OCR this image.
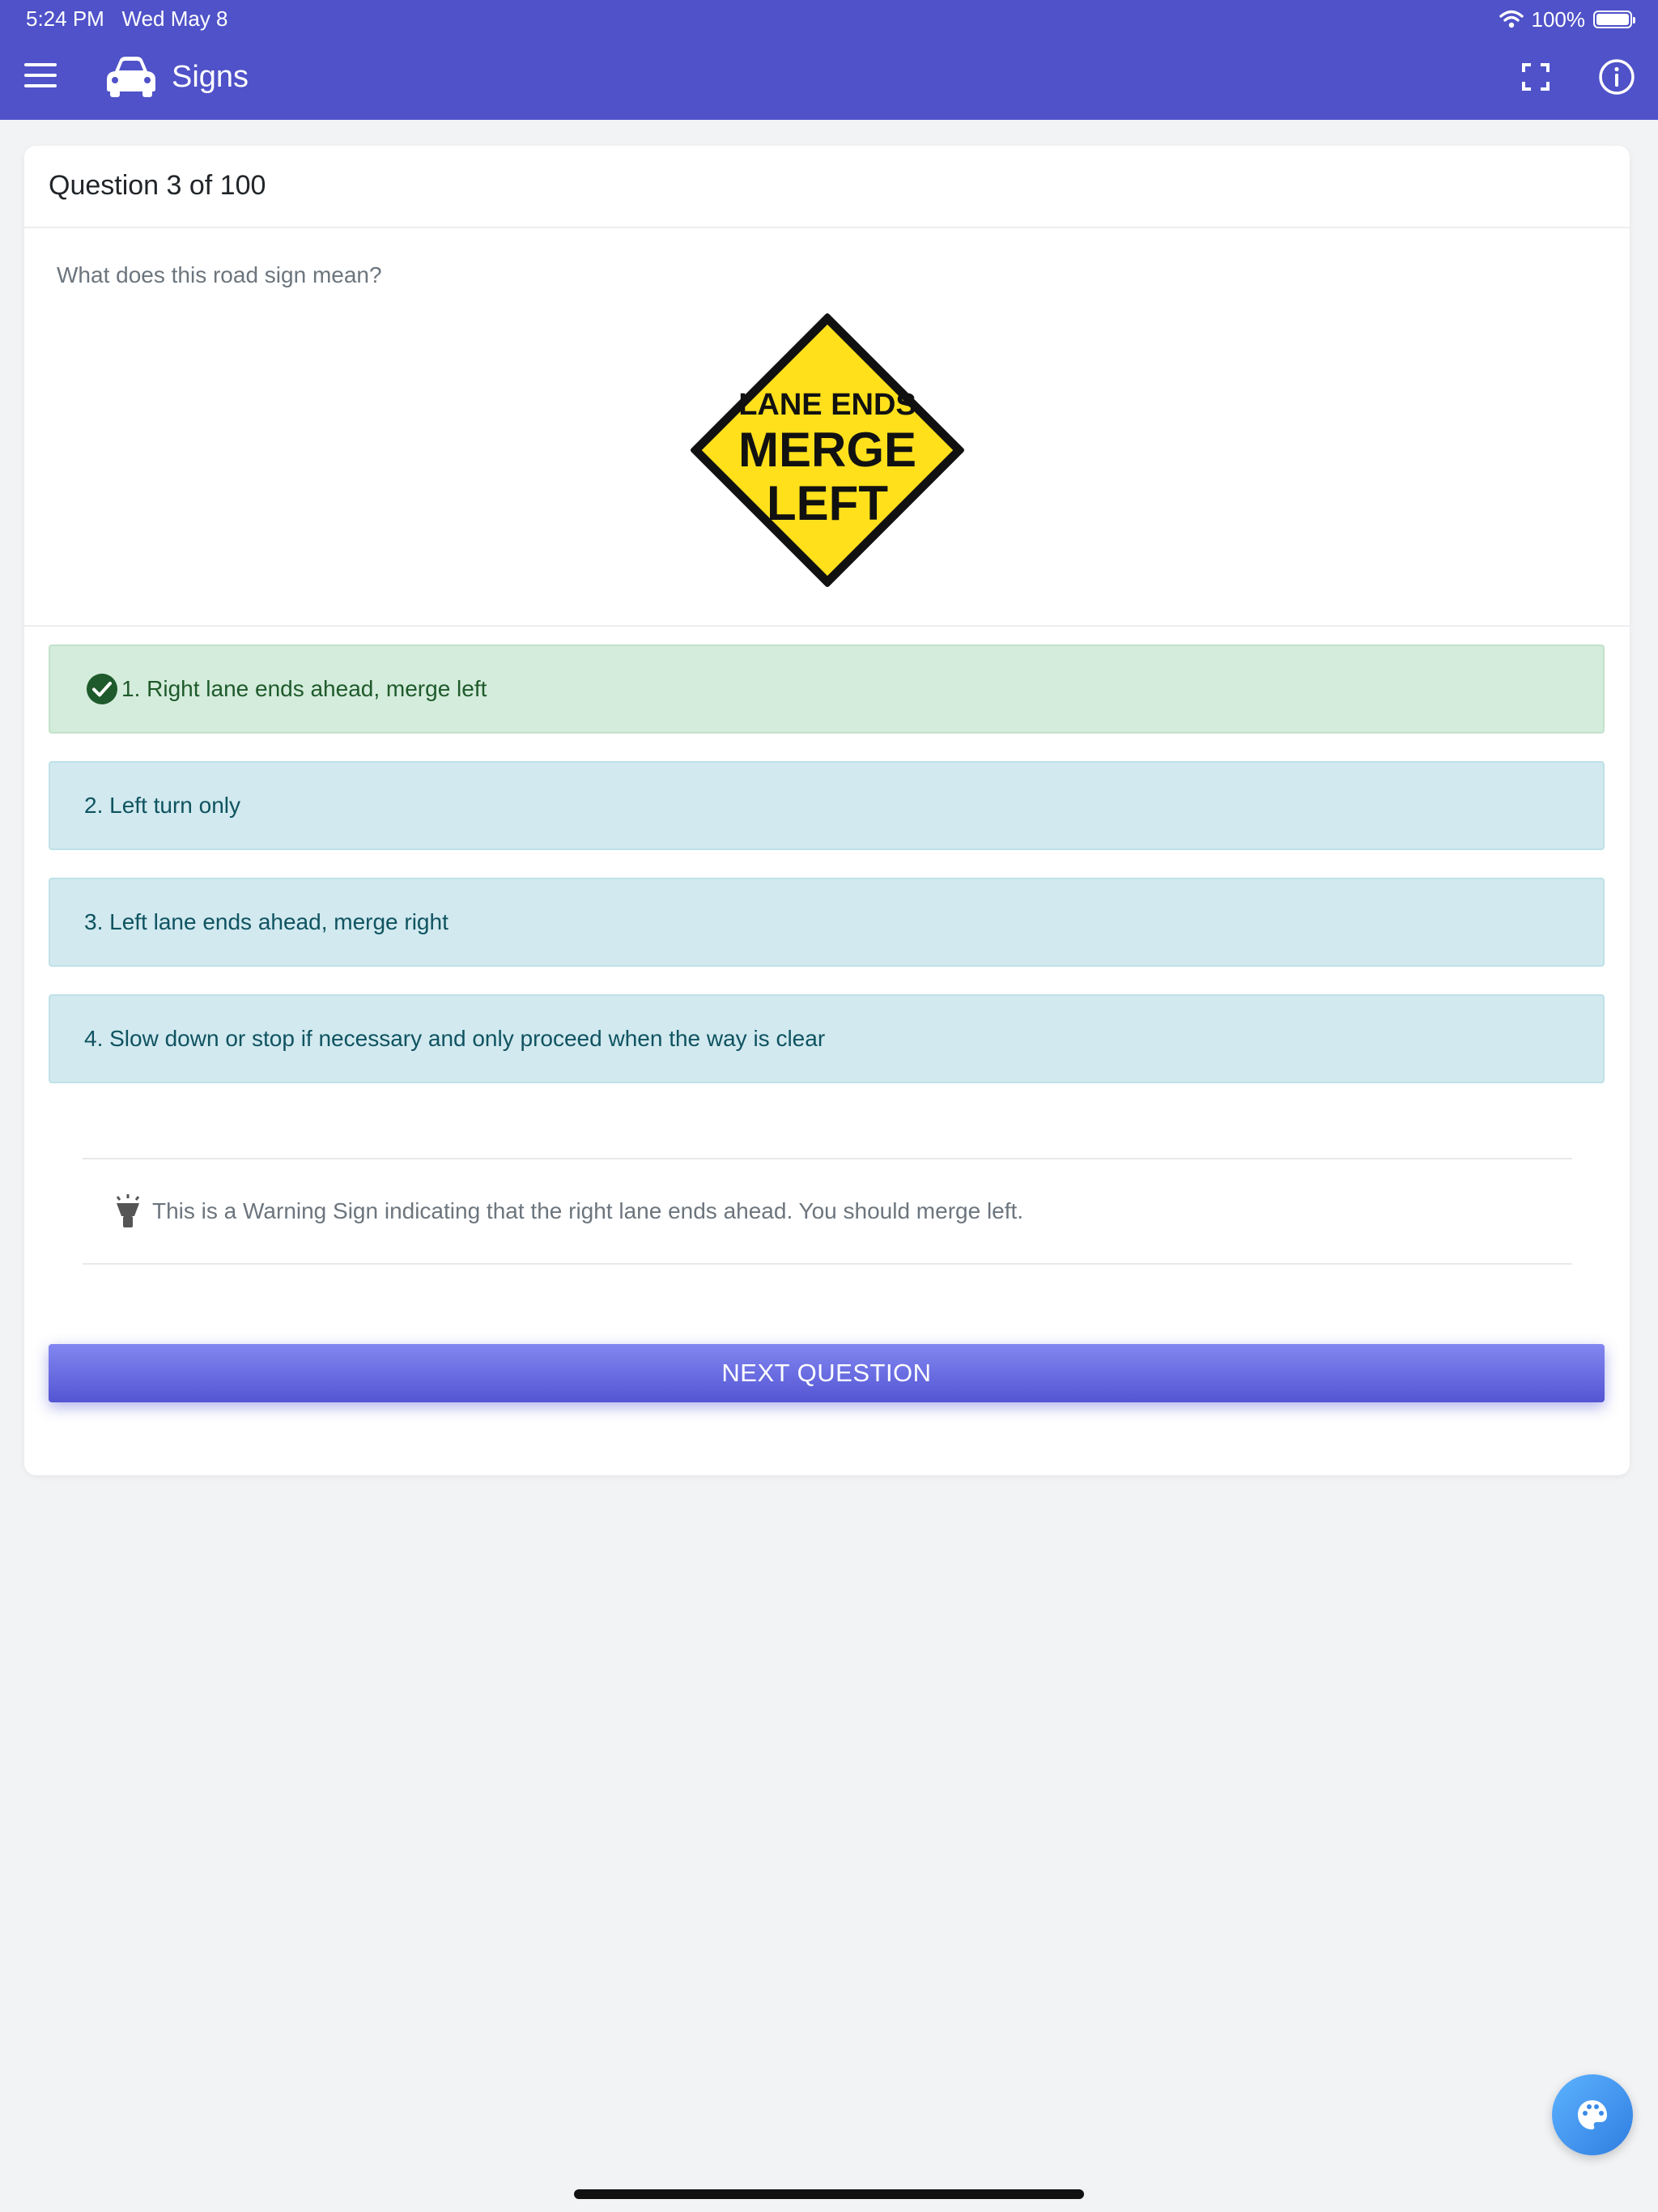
5:24 PM Wed May 8	100%
Signs
Question 3 of 100
What does this road sign mean?
LANE ENDS
MERGE
LEFT
1. Right lane ends ahead, merge left
2. Left turn only
3. Left lane ends ahead, merge right
4. Slow down or stop if necessary and only proceed when the way is clear
This is a Warning Sign indicating that the right lane ends ahead. You should merge left.
NEXT QUESTION
